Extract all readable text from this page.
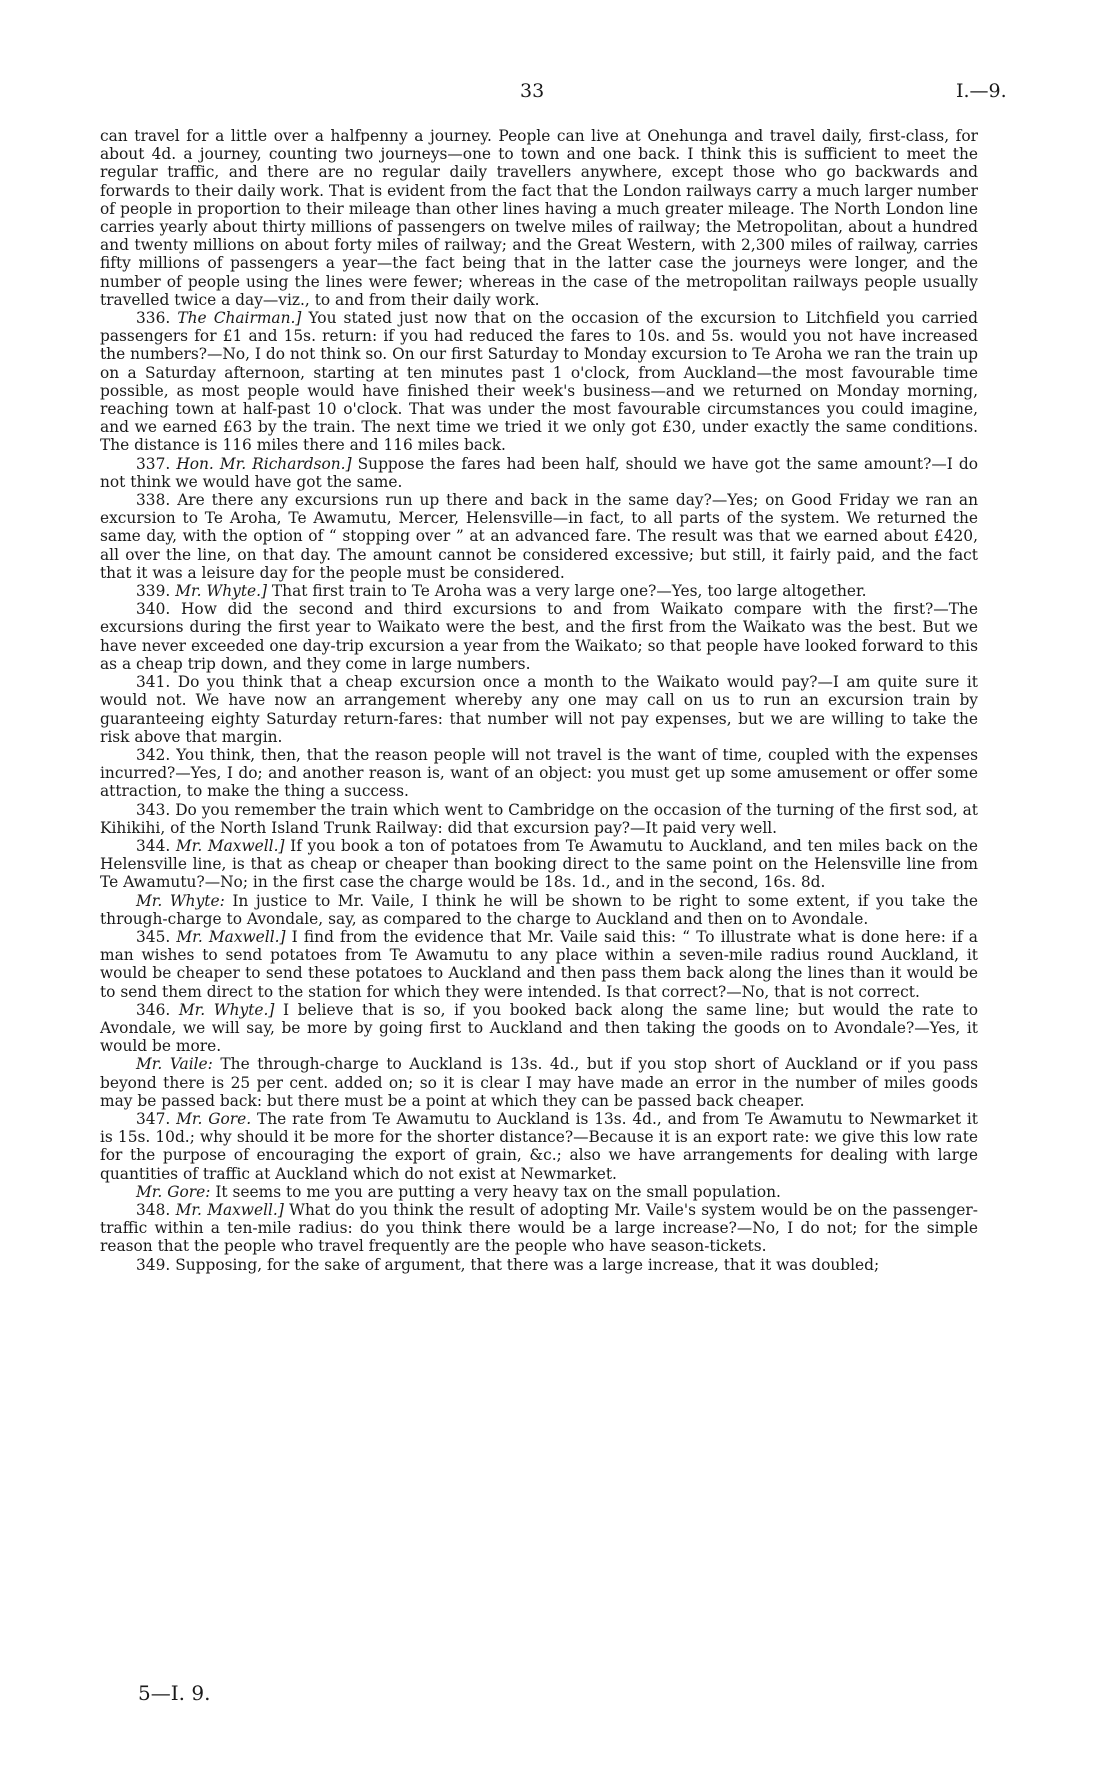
33	I.—9.

can travel for a little over a halfpenny a journey. People can live at Onehunga and travel daily, first-class, for about 4d. a journey, counting two journeys—one to town and one back. I think this is sufficient to meet the regular traffic, and there are no regular daily travellers anywhere, except those who go backwards and forwards to their daily work. That is evident from the fact that the London railways carry a much larger number of people in proportion to their mileage than other lines having a much greater mileage. The North London line carries yearly about thirty millions of passengers on twelve miles of railway; the Metropolitan, about a hundred and twenty millions on about forty miles of railway; and the Great Western, with 2,300 miles of railway, carries fifty millions of passengers a year—the fact being that in the latter case the journeys were longer, and the number of people using the lines were fewer; whereas in the case of the metropolitan railways people usually travelled twice a day—viz., to and from their daily work.

336. The Chairman.] You stated just now that on the occasion of the excursion to Litchfield you carried passengers for £1 and 15s. return: if you had reduced the fares to 10s. and 5s. would you not have increased the numbers?—No, I do not think so. On our first Saturday to Monday excursion to Te Aroha we ran the train up on a Saturday afternoon, starting at ten minutes past 1 o'clock, from Auckland—the most favourable time possible, as most people would have finished their week's business—and we returned on Monday morning, reaching town at half-past 10 o'clock. That was under the most favourable circumstances you could imagine, and we earned £63 by the train. The next time we tried it we only got £30, under exactly the same conditions. The distance is 116 miles there and 116 miles back.

337. Hon. Mr. Richardson.] Suppose the fares had been half, should we have got the same amount?—I do not think we would have got the same.

338. Are there any excursions run up there and back in the same day?—Yes; on Good Friday we ran an excursion to Te Aroha, Te Awamutu, Mercer, Helensville—in fact, to all parts of the system. We returned the same day, with the option of “ stopping over ” at an advanced fare. The result was that we earned about £420, all over the line, on that day. The amount cannot be considered excessive; but still, it fairly paid, and the fact that it was a leisure day for the people must be considered.

339. Mr. Whyte.] That first train to Te Aroha was a very large one?—Yes, too large altogether.

340. How did the second and third excursions to and from Waikato compare with the first?—The excursions during the first year to Waikato were the best, and the first from the Waikato was the best. But we have never exceeded one day-trip excursion a year from the Waikato; so that people have looked forward to this as a cheap trip down, and they come in large numbers.

341. Do you think that a cheap excursion once a month to the Waikato would pay?—I am quite sure it would not. We have now an arrangement whereby any one may call on us to run an excursion train by guaranteeing eighty Saturday return-fares: that number will not pay expenses, but we are willing to take the risk above that margin.

342. You think, then, that the reason people will not travel is the want of time, coupled with the expenses incurred?—Yes, I do; and another reason is, want of an object: you must get up some amusement or offer some attraction, to make the thing a success.

343. Do you remember the train which went to Cambridge on the occasion of the turning of the first sod, at Kihikihi, of the North Island Trunk Railway: did that excursion pay?—It paid very well.

344. Mr. Maxwell.] If you book a ton of potatoes from Te Awamutu to Auckland, and ten miles back on the Helensville line, is that as cheap or cheaper than booking direct to the same point on the Helensville line from Te Awamutu?—No; in the first case the charge would be 18s. 1d., and in the second, 16s. 8d.

Mr. Whyte: In justice to Mr. Vaile, I think he will be shown to be right to some extent, if you take the through-charge to Avondale, say, as compared to the charge to Auckland and then on to Avondale.

345. Mr. Maxwell.] I find from the evidence that Mr. Vaile said this: “ To illustrate what is done here: if a man wishes to send potatoes from Te Awamutu to any place within a seven-mile radius round Auckland, it would be cheaper to send these potatoes to Auckland and then pass them back along the lines than it would be to send them direct to the station for which they were intended. Is that correct?—No, that is not correct.

346. Mr. Whyte.] I believe that is so, if you booked back along the same line; but would the rate to Avondale, we will say, be more by going first to Auckland and then taking the goods on to Avondale?—Yes, it would be more.

Mr. Vaile: The through-charge to Auckland is 13s. 4d., but if you stop short of Auckland or if you pass beyond there is 25 per cent. added on; so it is clear I may have made an error in the number of miles goods may be passed back: but there must be a point at which they can be passed back cheaper.

347. Mr. Gore. The rate from Te Awamutu to Auckland is 13s. 4d., and from Te Awamutu to Newmarket it is 15s. 10d.; why should it be more for the shorter distance?—Because it is an export rate: we give this low rate for the purpose of encouraging the export of grain, &c.; also we have arrangements for dealing with large quantities of traffic at Auckland which do not exist at Newmarket.

Mr. Gore: It seems to me you are putting a very heavy tax on the small population.

348. Mr. Maxwell.] What do you think the result of adopting Mr. Vaile's system would be on the passenger-traffic within a ten-mile radius: do you think there would be a large increase?—No, I do not; for the simple reason that the people who travel frequently are the people who have season-tickets.

349. Supposing, for the sake of argument, that there was a large increase, that it was doubled;

5—I. 9.
